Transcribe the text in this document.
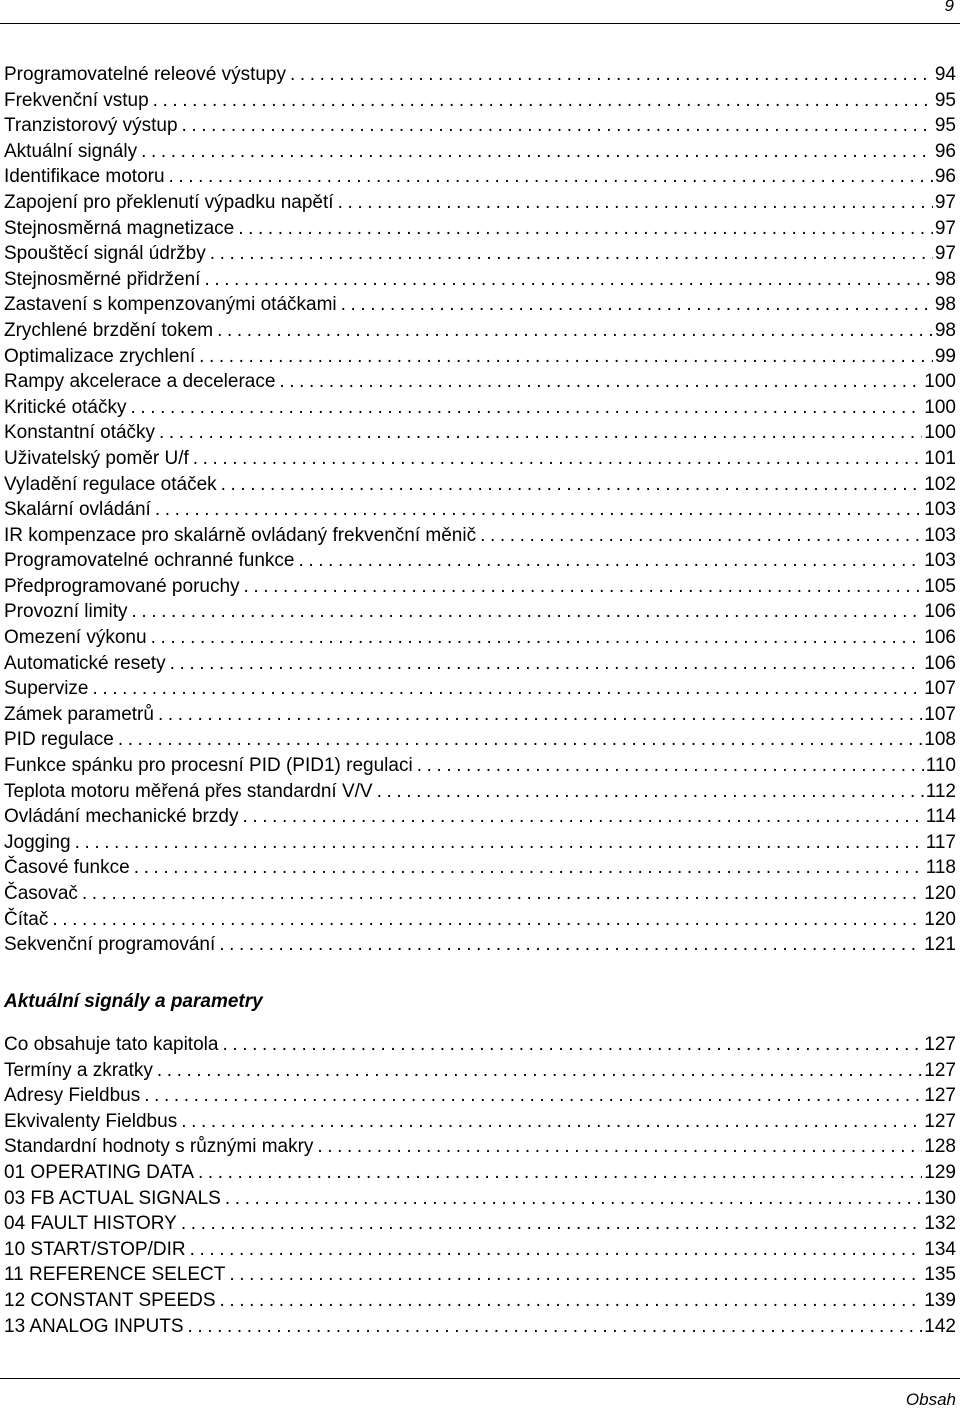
9
Programovatelné releové výstupy .....	94
Frekvenční vstup .....	95
Tranzistorový výstup .....	95
Aktuální signály .....	96
Identifikace motoru .....	96
Zapojení pro překlenutí výpadku napětí .....	97
Stejnosměrná magnetizace .....	97
Spouštěcí signál údržby .....	97
Stejnosměrné přidržení .....	98
Zastavení s kompenzovanými otáčkami .....	98
Zrychlené brzdění tokem .....	98
Optimalizace zrychlení .....	99
Rampy akcelerace a decelerace .....	100
Kritické otáčky .....	100
Konstantní otáčky .....	100
Uživatelský poměr U/f .....	101
Vyladění regulace otáček .....	102
Skalární ovládání .....	103
IR kompenzace pro skalárně ovládaný frekvenční měnič .....	103
Programovatelné ochranné funkce .....	103
Předprogramované poruchy .....	105
Provozní limity .....	106
Omezení výkonu .....	106
Automatické resety .....	106
Supervize .....	107
Zámek parametrů .....	107
PID regulace .....	108
Funkce spánku pro procesní PID (PID1) regulaci .....	110
Teplota motoru měřená přes standardní V/V .....	112
Ovládání mechanické brzdy .....	114
Jogging .....	117
Časové funkce .....	118
Časovač .....	120
Čítač .....	120
Sekvenční programování .....	121
Aktuální signály a parametry
Co obsahuje tato kapitola .....	127
Termíny a zkratky .....	127
Adresy Fieldbus .....	127
Ekvivalenty Fieldbus .....	127
Standardní hodnoty s různými makry .....	128
01 OPERATING DATA .....	129
03 FB ACTUAL SIGNALS .....	130
04 FAULT HISTORY .....	132
10 START/STOP/DIR .....	134
11 REFERENCE SELECT .....	135
12 CONSTANT SPEEDS .....	139
13 ANALOG INPUTS .....	142
Obsah
